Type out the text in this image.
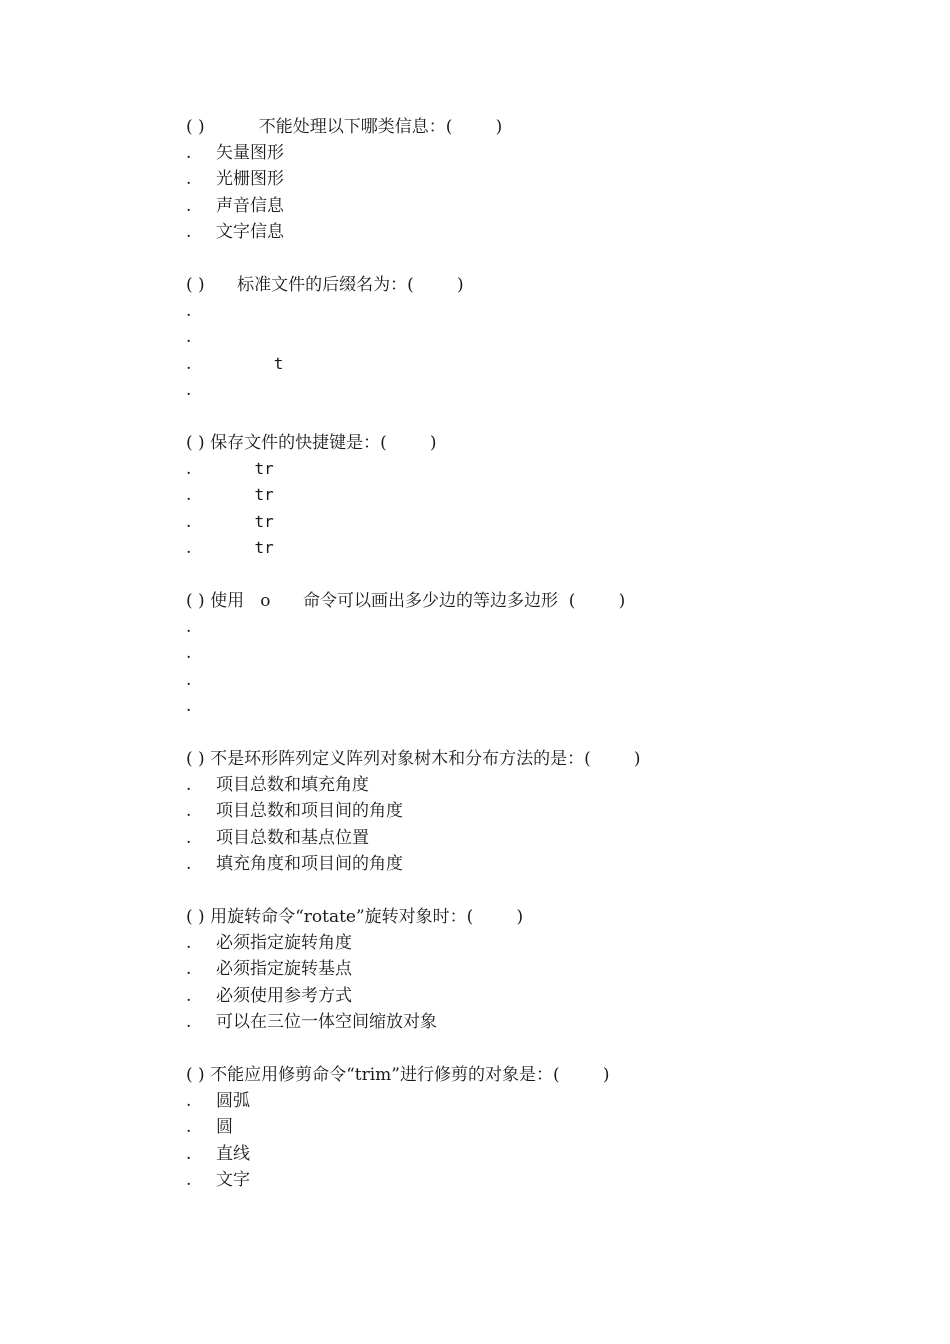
( )          不能处理以下哪类信息：(        )
. 矢量图形
. 光栅图形
. 声音信息
. 文字信息
( )      标准文件的后缀名为：(        )
.
.
.      t
.
( ) 保存文件的快捷键是：(        )
.    tr
.    tr
.    tr
.    tr
( ) 使用   o      命令可以画出多少边的等边多边形  (        )
.
.
.
.
( ) 不是环形阵列定义阵列对象树木和分布方法的是：(        )
. 项目总数和填充角度
. 项目总数和项目间的角度
. 项目总数和基点位置
. 填充角度和项目间的角度
( ) 用旋转命令“rotate”旋转对象时：(        )
. 必须指定旋转角度
. 必须指定旋转基点
. 必须使用参考方式
. 可以在三位一体空间缩放对象
( ) 不能应用修剪命令“trim”进行修剪的对象是：(        )
. 圆弧
. 圆
. 直线
. 文字
